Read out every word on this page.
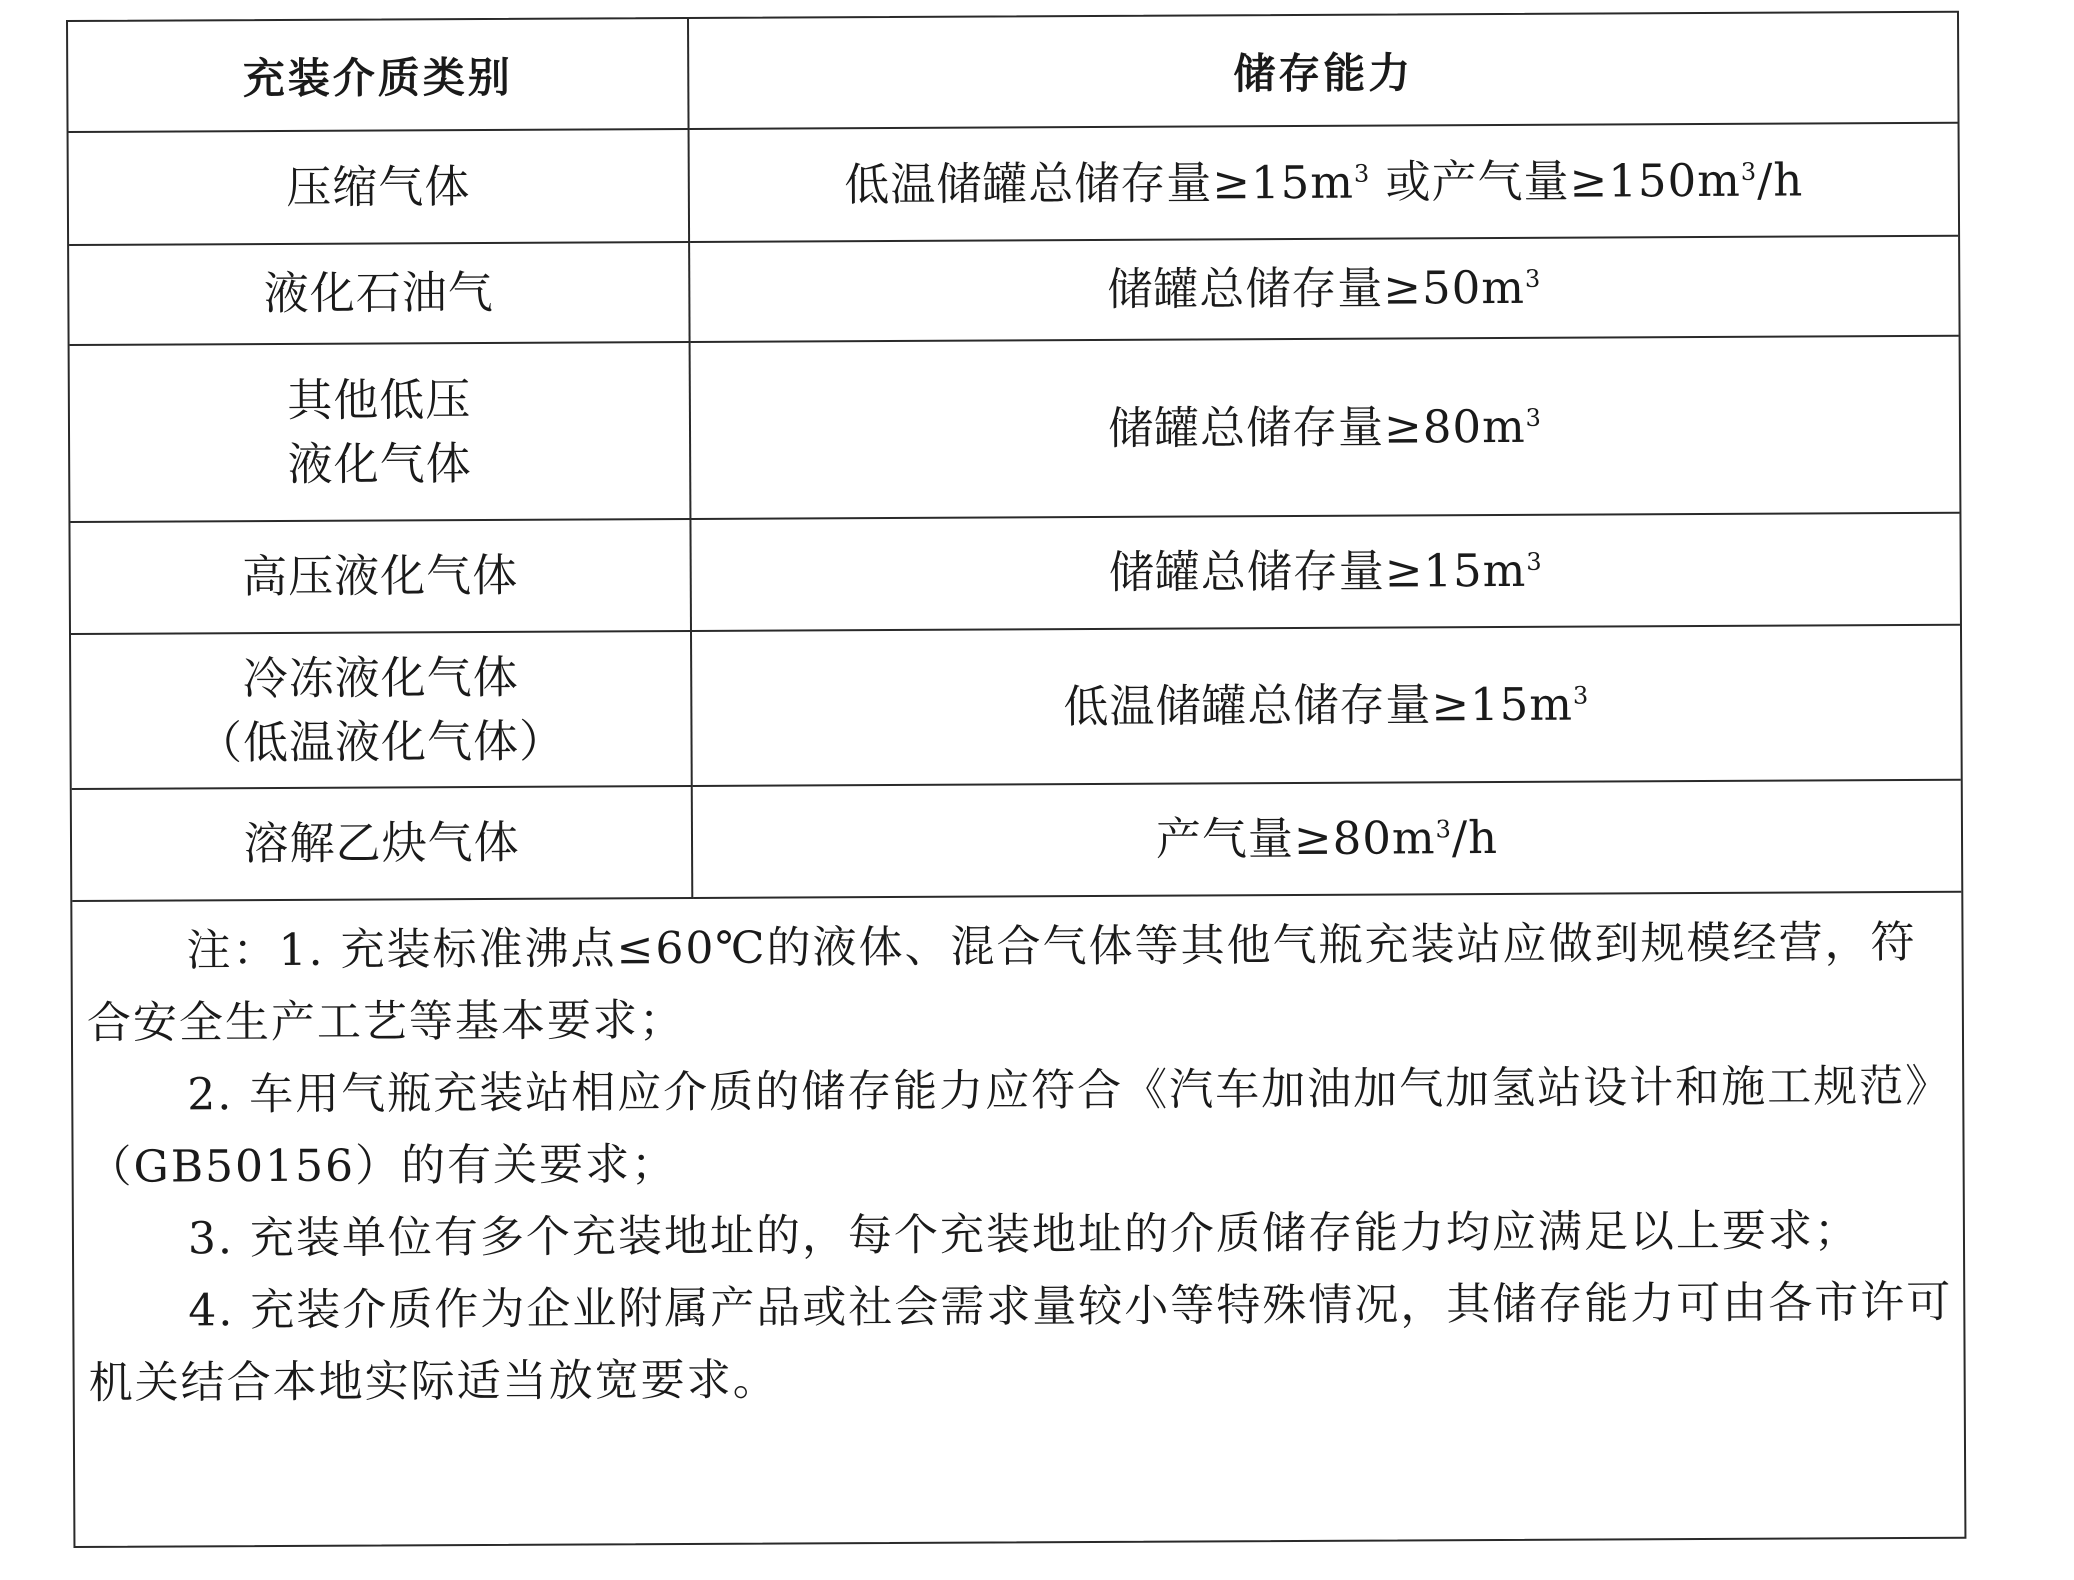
充装介质类别	储存能力

压缩气体	低温储罐总储存量$\ge 15m^3$ 或产气量$\ge 150m^3/h$

液化石油气	储罐总储存量$\ge 50m^3$

其他低压
液化气体	储罐总储存量$\ge 80m^3$

高压液化气体	储罐总储存量$\ge 15m^3$

冷冻液化气体
（低温液化气体）	低温储罐总储存量$\ge 15m^3$

溶解乙炔气体	产气量$\ge 80m^3/h$

注：1. 充装标准沸点≤60℃的液体、混合气体等其他气瓶充装站应做到规模经营，符合安全生产工艺等基本要求；

2. 车用气瓶充装站相应介质的储存能力应符合《汽车加油加气加氢站设计和施工规范》（GB50156）的有关要求；

3. 充装单位有多个充装地址的，每个充装地址的介质储存能力均应满足以上要求；

4. 充装介质作为企业附属产品或社会需求量较小等特殊情况，其储存能力可由各市许可机关结合本地实际适当放宽要求。
